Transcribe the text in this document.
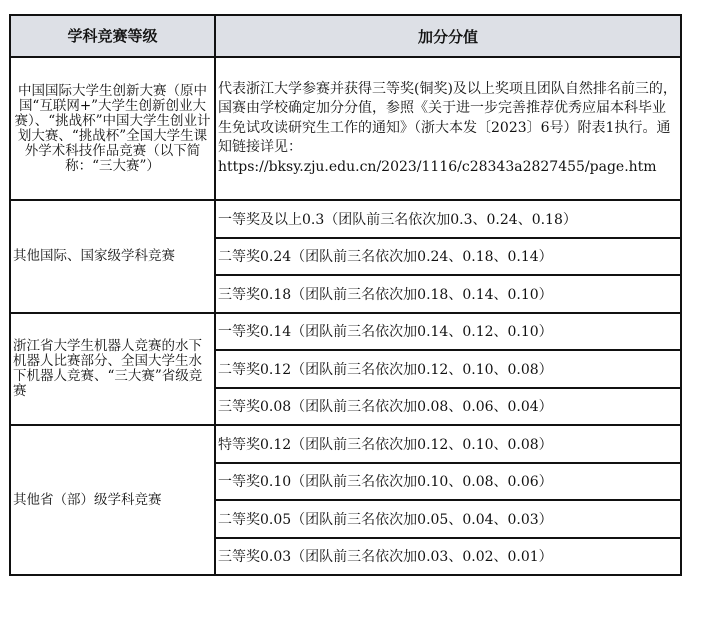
学科竞赛等级	加分分值
中国国际大学生创新大赛（原中国“互联网+”大学生创新创业大赛）、“挑战杯”中国大学生创业计划大赛、“挑战杯”全国大学生课外学术科技作品竞赛（以下简称：“三大赛”）	代表浙江大学参赛并获得三等奖(铜奖)及以上奖项且团队自然排名前三的，国赛由学校确定加分分值，参照《关于进一步完善推荐优秀应届本科毕业生免试攻读研究生工作的通知》（浙大本发〔2023〕6号）附表1执行。通知链接详见：https://bksy.zju.edu.cn/2023/1116/c28343a2827455/page.htm
其他国际、国家级学科竞赛	一等奖及以上0.3（团队前三名依次加0.3、0.24、0.18）
	二等奖0.24（团队前三名依次加0.24、0.18、0.14）
	三等奖0.18（团队前三名依次加0.18、0.14、0.10）
浙江省大学生机器人竞赛的水下机器人比赛部分、全国大学生水下机器人竞赛、“三大赛”省级竞赛	一等奖0.14（团队前三名依次加0.14、0.12、0.10）
	二等奖0.12（团队前三名依次加0.12、0.10、0.08）
	三等奖0.08（团队前三名依次加0.08、0.06、0.04）
其他省（部）级学科竞赛	特等奖0.12（团队前三名依次加0.12、0.10、0.08）
	一等奖0.10（团队前三名依次加0.10、0.08、0.06）
	二等奖0.05（团队前三名依次加0.05、0.04、0.03）
	三等奖0.03（团队前三名依次加0.03、0.02、0.01）
